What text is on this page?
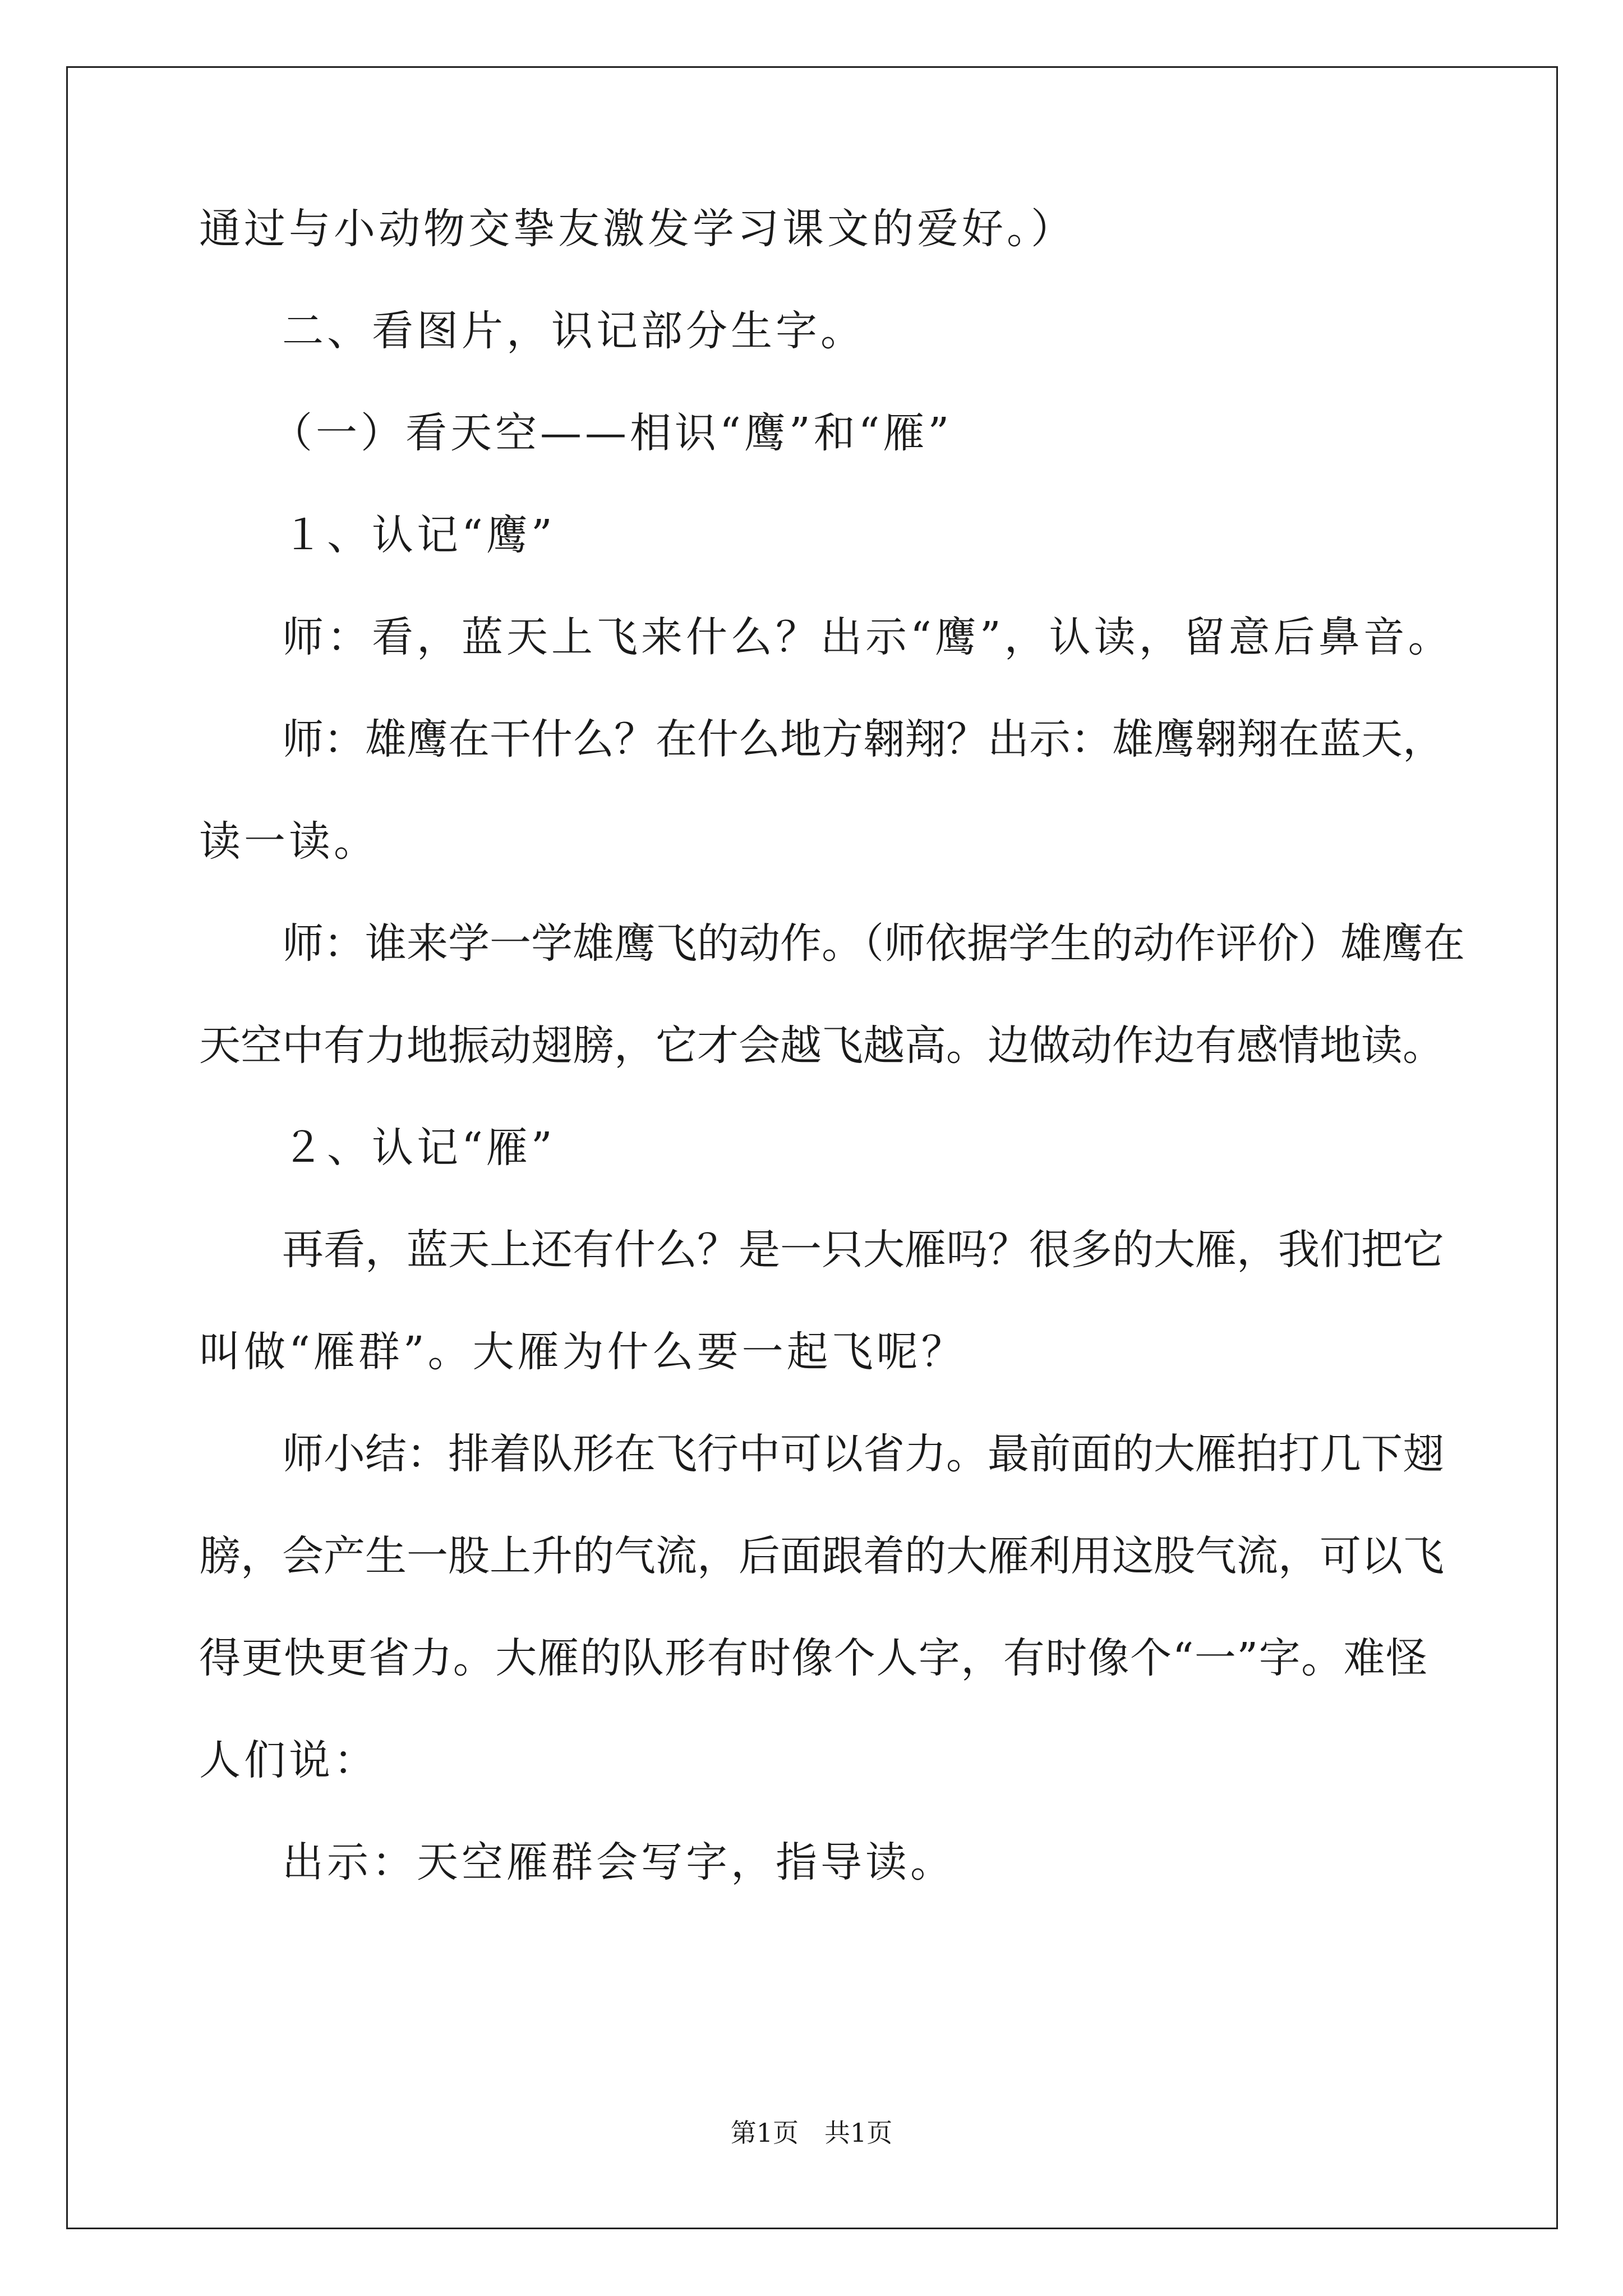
通过与小动物交挚友激发学习课文的爱好。）
二、看图片，识记部分生字。
（一）看天空——相识“鹰”和“雁”
１、认记“鹰”
师：看，蓝天上飞来什么？出示“鹰”，认读，留意后鼻音。
师：雄鹰在干什么？在什么地方翱翔？出示：雄鹰翱翔在蓝天，
读一读。
师：谁来学一学雄鹰飞的动作。（师依据学生的动作评价）雄鹰在
天空中有力地振动翅膀，它才会越飞越高。边做动作边有感情地读。
２、认记“雁”
再看，蓝天上还有什么？是一只大雁吗？很多的大雁，我们把它
叫做“雁群”。大雁为什么要一起飞呢？
师小结：排着队形在飞行中可以省力。最前面的大雁拍打几下翅
膀，会产生一股上升的气流，后面跟着的大雁利用这股气流，可以飞
得更快更省力。大雁的队形有时像个人字，有时像个“一”字。难怪
人们说：
出示：天空雁群会写字，指导读。
第1页 共1页
